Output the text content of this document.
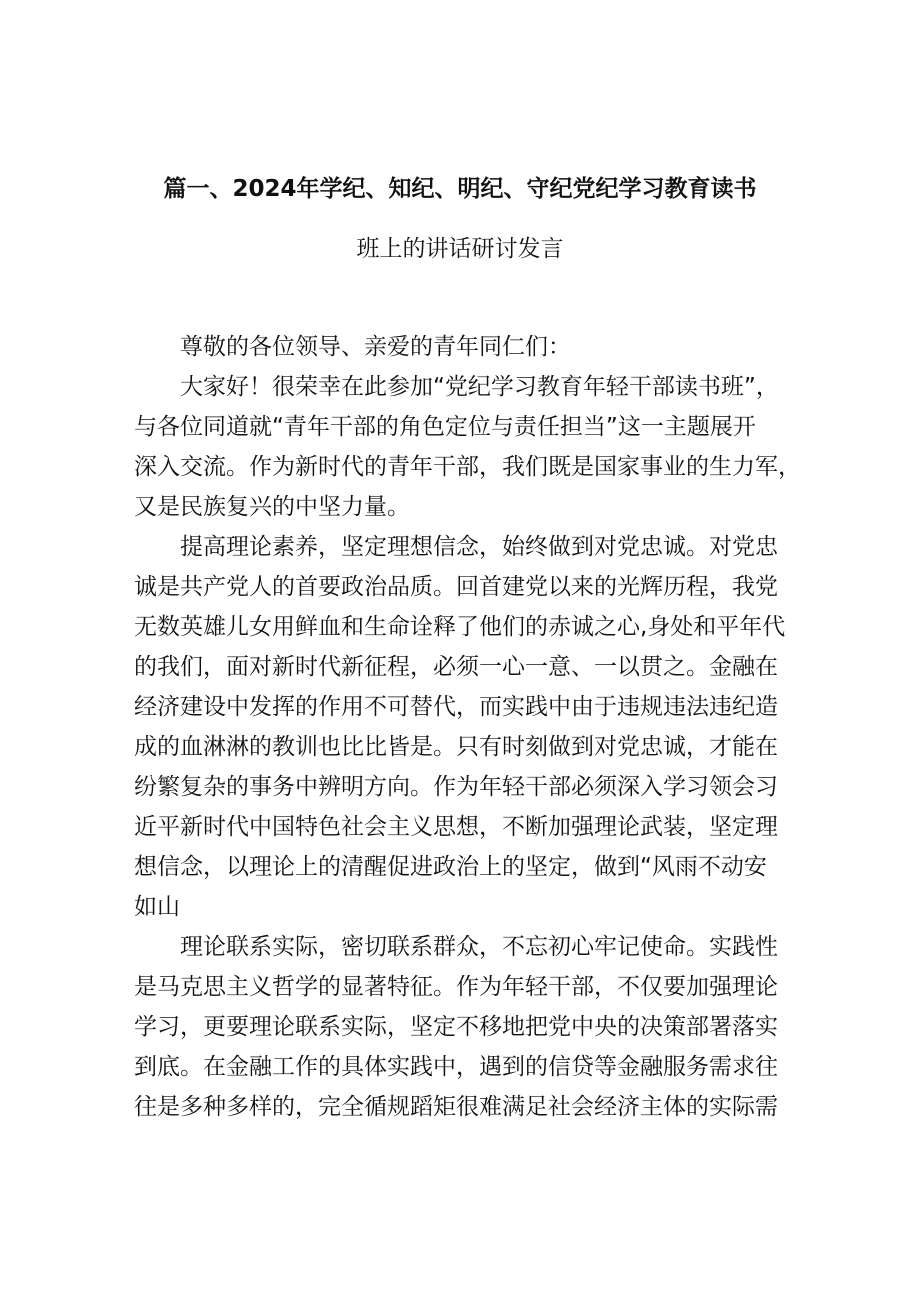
篇一、2024年学纪、知纪、明纪、守纪党纪学习教育读书
班上的讲话研讨发言
尊敬的各位领导、亲爱的青年同仁们：
大家好！很荣幸在此参加“党纪学习教育年轻干部读书班”，
与各位同道就“青年干部的角色定位与责任担当”这一主题展开
深入交流。作为新时代的青年干部，我们既是国家事业的生力军，
又是民族复兴的中坚力量。
提高理论素养，坚定理想信念，始终做到对党忠诚。对党忠
诚是共产党人的首要政治品质。回首建党以来的光辉历程，我党
无数英雄儿女用鲜血和生命诠释了他们的赤诚之心,身处和平年代
的我们，面对新时代新征程，必须一心一意、一以贯之。金融在
经济建设中发挥的作用不可替代，而实践中由于违规违法违纪造
成的血淋淋的教训也比比皆是。只有时刻做到对党忠诚，才能在
纷繁复杂的事务中辨明方向。作为年轻干部必须深入学习领会习
近平新时代中国特色社会主义思想，不断加强理论武装，坚定理
想信念，以理论上的清醒促进政治上的坚定，做到“风雨不动安
如山
理论联系实际，密切联系群众，不忘初心牢记使命。实践性
是马克思主义哲学的显著特征。作为年轻干部，不仅要加强理论
学习，更要理论联系实际，坚定不移地把党中央的决策部署落实
到底。在金融工作的具体实践中，遇到的信贷等金融服务需求往
往是多种多样的，完全循规蹈矩很难满足社会经济主体的实际需
